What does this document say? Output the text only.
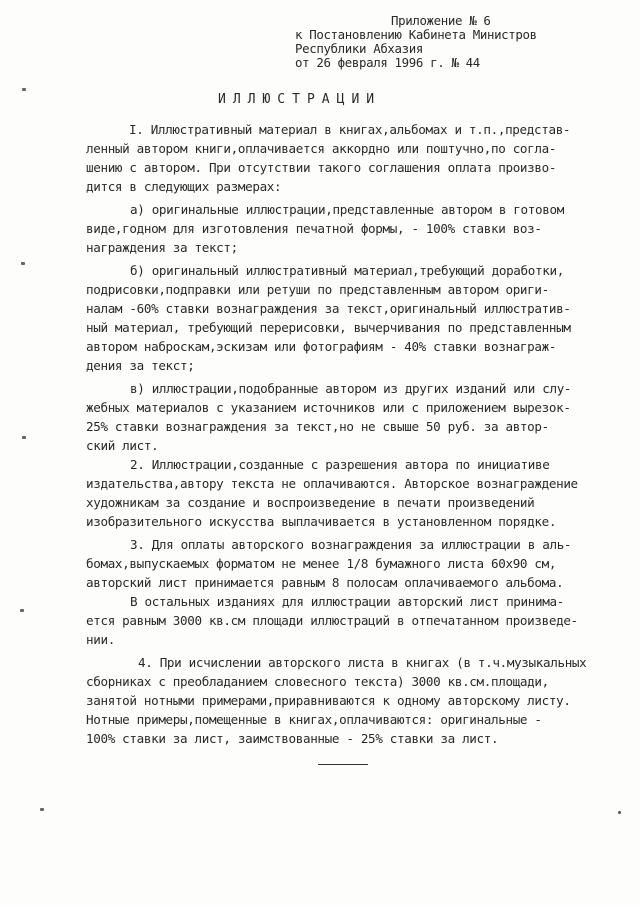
Приложение № 6
к Постановлению Кабинета Министров
Республики Абхазия
от 26 февраля 1996 г. № 44
ИЛЛЮСТРАЦИИ
I. Иллюстративный материал в книгах,альбомах и т.п.,представ-
ленный автором книги,оплачивается аккордно или поштучно,по согла-
шению с автором. При отсутствии такого соглашения оплата произво-
дится в следующих размерах:
а) оригинальные иллюстрации,представленные автором в готовом
виде,годном для изготовления печатной формы, - 100% ставки воз-
награждения за текст;
б) оригинальный иллюстративный материал,требующий доработки,
подрисовки,подправки или ретуши по представленным автором ориги-
налам -60% ставки вознаграждения за текст,оригинальный иллюстратив-
ный материал, требующий перерисовки, вычерчивания по представленным
автором наброскам,эскизам или фотографиям - 40% ставки вознаграж-
дения за текст;
в) иллюстрации,подобранные автором из других изданий или слу-
жебных материалов с указанием источников или с приложением вырезок-
25% ставки вознаграждения за текст,но не свыше 50 руб. за автор-
ский лист.
2. Иллюстрации,созданные с разрешения автора по инициативе
издательства,автору текста не оплачиваются. Авторское вознаграждение
художникам за создание и воспроизведение в печати произведений
изобразительного искусства выплачивается в установленном порядке.
3. Для оплаты авторского вознаграждения за иллюстрации в аль-
бомах,выпускаемых форматом не менее 1/8 бумажного листа 60х90 см,
авторский лист принимается равным 8 полосам оплачиваемого альбома.
В остальных изданиях для иллюстрации авторский лист принима-
ется равным 3000 кв.см площади иллюстраций в отпечатанном произведе-
нии.
4. При исчислении авторского листа в книгах (в т.ч.музыкальных
сборниках с преобладанием словесного текста) 3000 кв.см.площади,
занятой нотными примерами,приравниваются к одному авторскому листу.
Нотные примеры,помещенные в книгах,оплачиваются: оригинальные -
100% ставки за лист, заимствованные - 25% ставки за лист.
